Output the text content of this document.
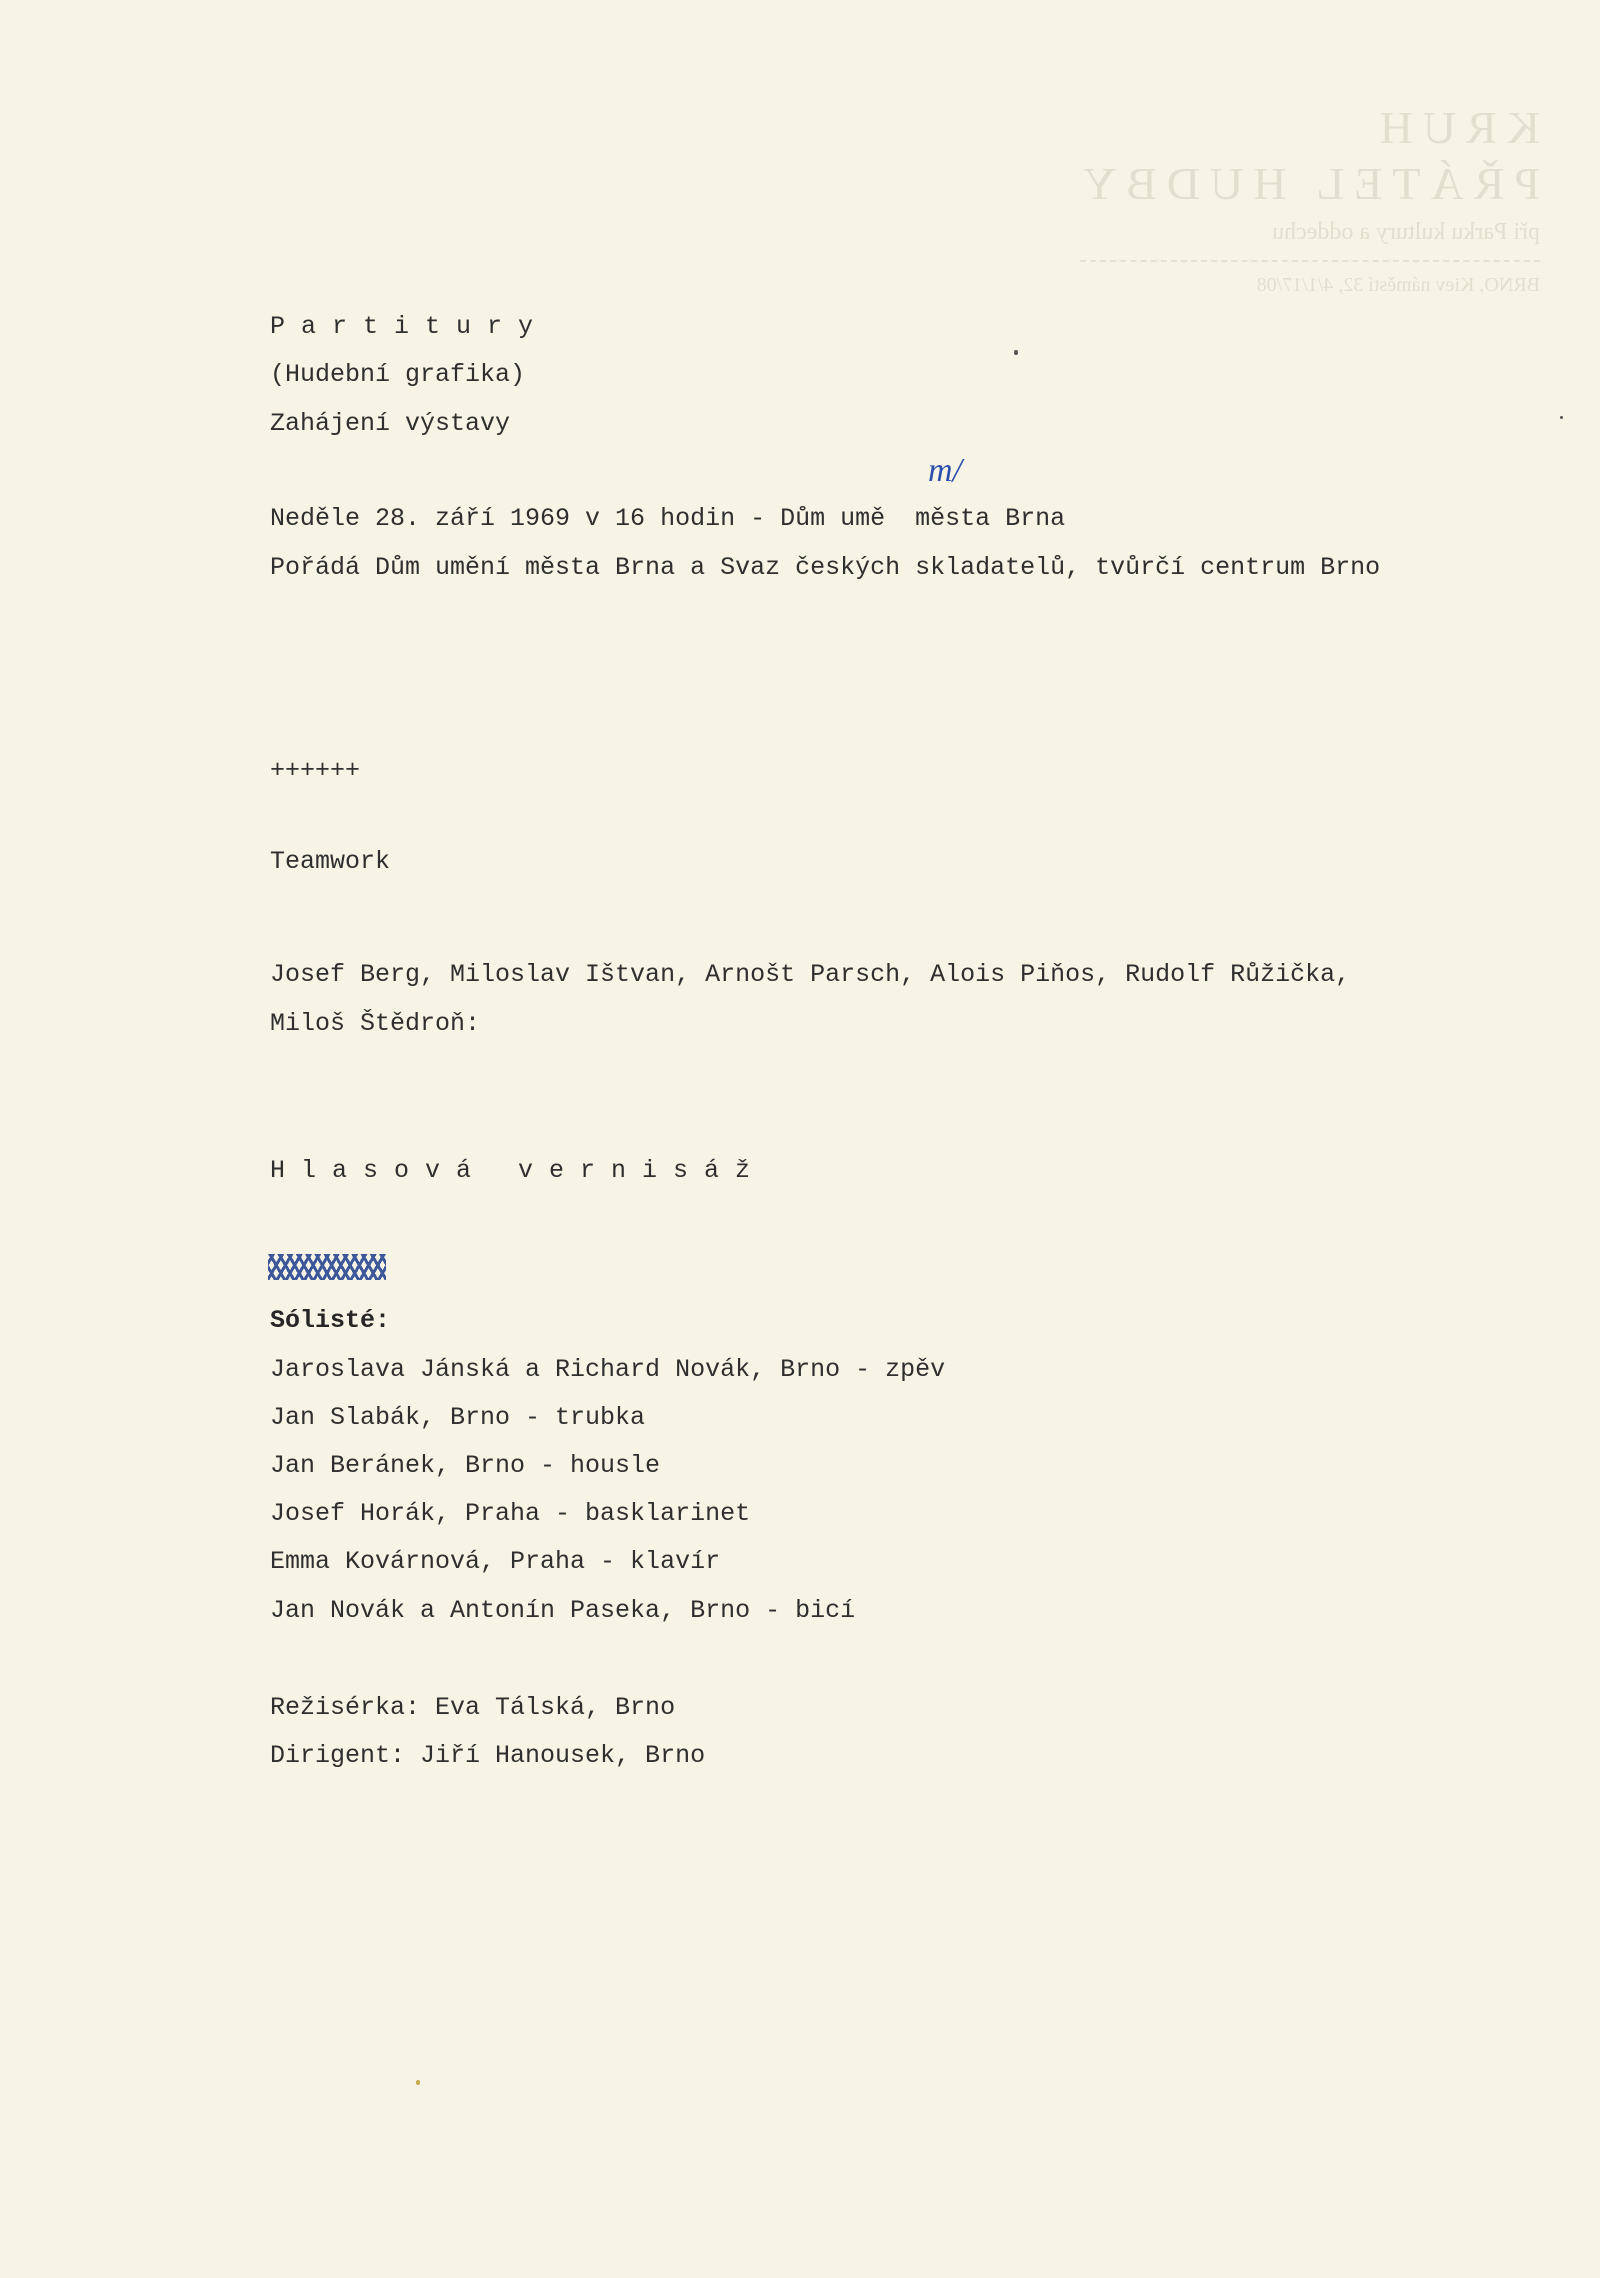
KRUH
PŘÁTEL HUDBY
při Parku kultury a oddechu
BRNO, Kiev náměstí 32, 4/1/17/08
Partitury
(Hudební grafika)
Zahájení výstavy
Neděle 28. září 1969 v 16 hodin - Dům umě  města Brna
m/
Pořádá Dům umění města Brna a Svaz českých skladatelů, tvůrčí centrum Brno
++++++
Teamwork
Josef Berg, Miloslav Ištvan, Arnošt Parsch, Alois Piňos, Rudolf Růžička,
Miloš Štědroň:
Hlasová vernisáž
Sólisté:
Jaroslava Jánská a Richard Novák, Brno - zpěv
Jan Slabák, Brno - trubka
Jan Beránek, Brno - housle
Josef Horák, Praha - basklarinet
Emma Kovárnová, Praha - klavír
Jan Novák a Antonín Paseka, Brno - bicí
Režisérka: Eva Tálská, Brno
Dirigent: Jiří Hanousek, Brno
